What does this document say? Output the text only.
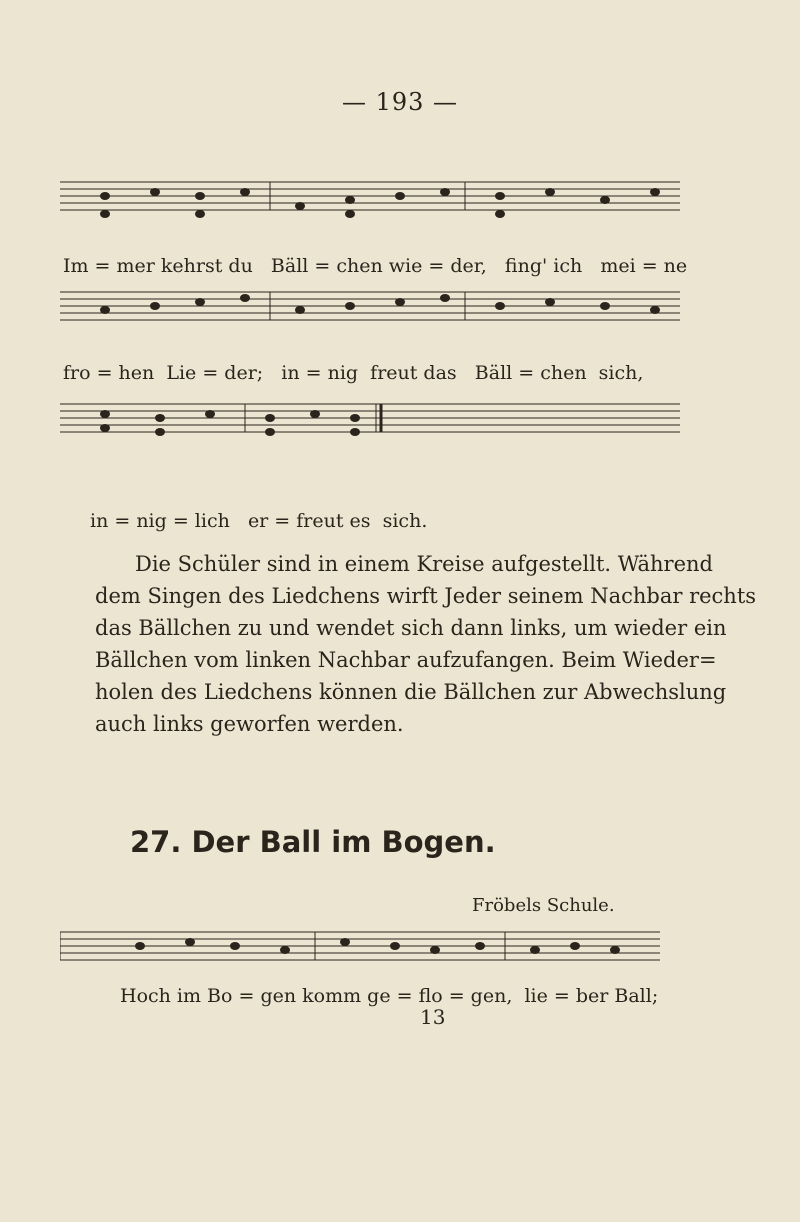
— 193 —
Im = mer kehrst du   Bäll = chen wie = der,   fing' ich   mei = ne
fro = hen  Lie = der;   in = nig  freut das   Bäll = chen  sich,
in = nig = lich   er = freut es  sich.
Die Schüler sind in einem Kreise aufgestellt. Während
dem Singen des Liedchens wirft Jeder seinem Nachbar rechts
das Bällchen zu und wendet sich dann links, um wieder ein
Bällchen vom linken Nachbar aufzufangen. Beim Wieder=
holen des Liedchens können die Bällchen zur Abwechslung
auch links geworfen werden.
27. Der Ball im Bogen.
Fröbels Schule.
Hoch im Bo = gen komm ge = flo = gen,  lie = ber Ball;
13
